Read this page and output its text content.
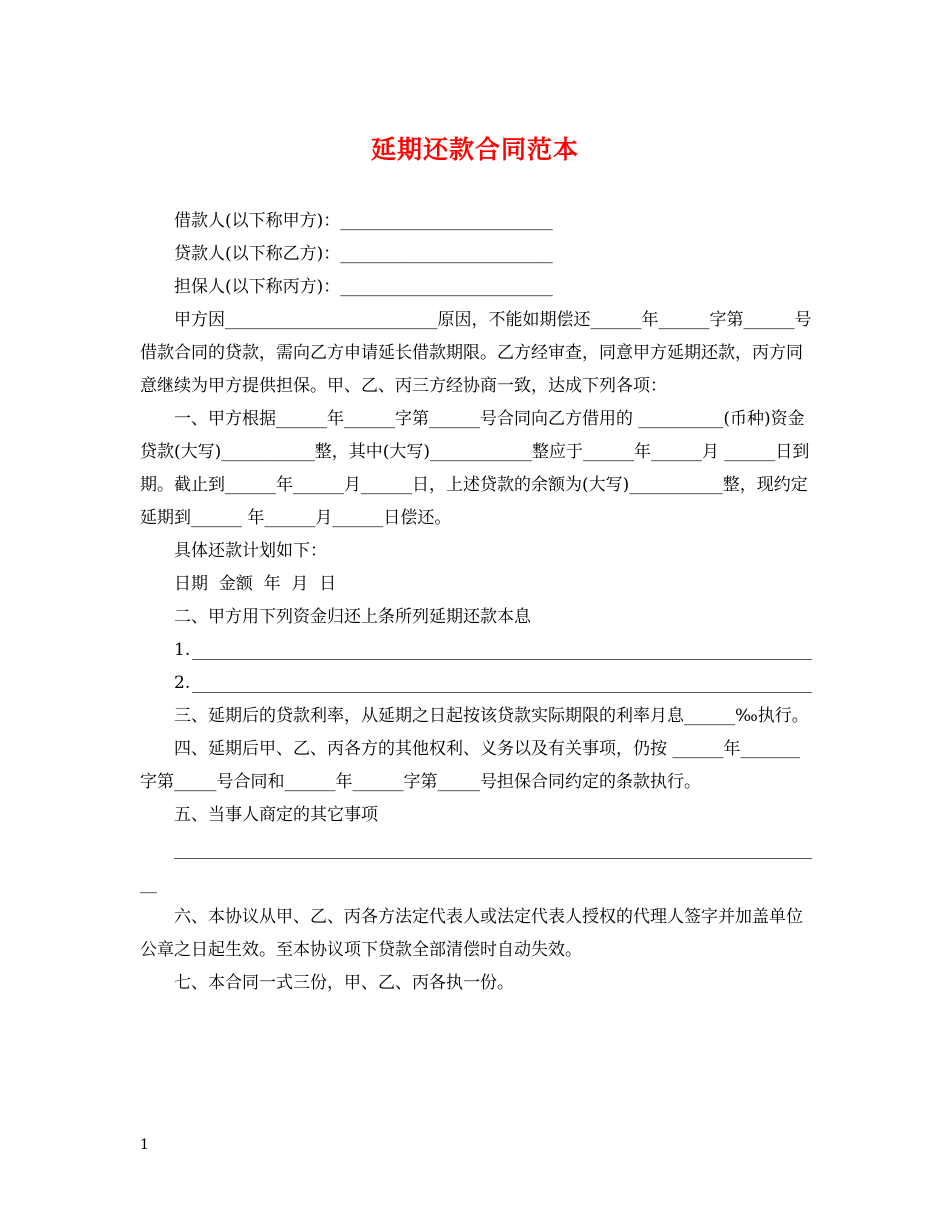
延期还款合同范本

借款人(以下称甲方)：_________________________

贷款人(以下称乙方)：_________________________

担保人(以下称丙方)：_________________________

甲方因_________________________原因，不能如期偿还______年______字第______号借款合同的贷款，需向乙方申请延长借款期限。乙方经审查，同意甲方延期还款，丙方同意继续为甲方提供担保。甲、乙、丙三方经协商一致，达成下列各项：

一、甲方根据______年______字第______号合同向乙方借用的 __________(币种)资金贷款(大写)___________整，其中(大写)____________整应于______年______月 ______日到期。截止到______年______月______日，上述贷款的余额为(大写)___________整，现约定延期到______ 年______月______日偿还。

具体还款计划如下：

日期  金额  年  月  日

二、甲方用下列资金归还上条所列延期还款本息

1.
2.

三、延期后的贷款利率，从延期之日起按该贷款实际期限的利率月息______‰执行。

四、延期后甲、乙、丙各方的其他权利、义务以及有关事项，仍按 ______年_______字第_____号合同和______年______字第_____号担保合同约定的条款执行。

五、当事人商定的其它事项

__

六、本协议从甲、乙、丙各方法定代表人或法定代表人授权的代理人签字并加盖单位公章之日起生效。至本协议项下贷款全部清偿时自动失效。

七、本合同一式三份，甲、乙、丙各执一份。

1
